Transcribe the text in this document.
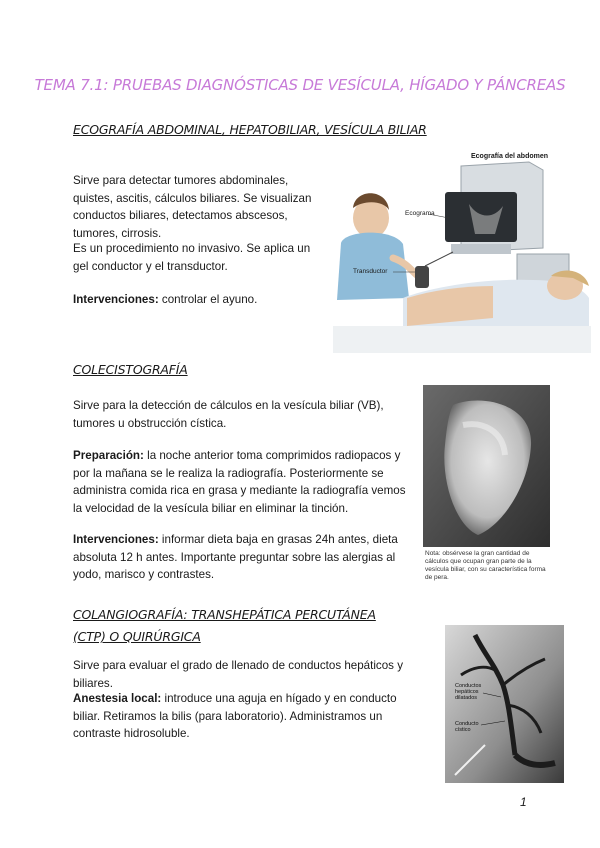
TEMA 7.1: PRUEBAS DIAGNÓSTICAS DE VESÍCULA, HÍGADO Y PÁNCREAS
ECOGRAFÍA ABDOMINAL, HEPATOBILIAR, VESÍCULA BILIAR
Sirve para detectar tumores abdominales, quistes, ascitis, cálculos biliares. Se visualizan conductos biliares, detectamos abscesos, tumores, cirrosis.
Es un procedimiento no invasivo. Se aplica un gel conductor y el transductor.
Intervenciones: controlar el ayuno.
Ecografía del abdomen
Ecograma
Transductor
COLECISTOGRAFÍA
Sirve para la detección de cálculos en la vesícula biliar (VB), tumores u obstrucción cística.
Preparación: la noche anterior toma comprimidos radiopacos y por la mañana se le realiza la radiografía. Posteriormente se administra comida rica en grasa y mediante la radiografía vemos la velocidad de la vesícula biliar en eliminar la tinción.
Intervenciones: informar dieta baja en grasas 24h antes, dieta absoluta 12 h antes. Importante preguntar sobre las alergias al yodo, marisco y contrastes.
Nota: obsérvese la gran cantidad de cálculos que ocupan gran parte de la vesícula biliar, con su característica forma de pera.
COLANGIOGRAFÍA: TRANSHEPÁTICA PERCUTÁNEA (CTP) O QUIRÚRGICA
Sirve para evaluar el grado de llenado de conductos hepáticos y biliares.
Anestesia local: introduce una aguja en hígado y en conducto biliar. Retiramos la bilis (para laboratorio). Administramos un contraste hidrosoluble.
Conductos hepáticos dilatados
Conducto cístico
1
